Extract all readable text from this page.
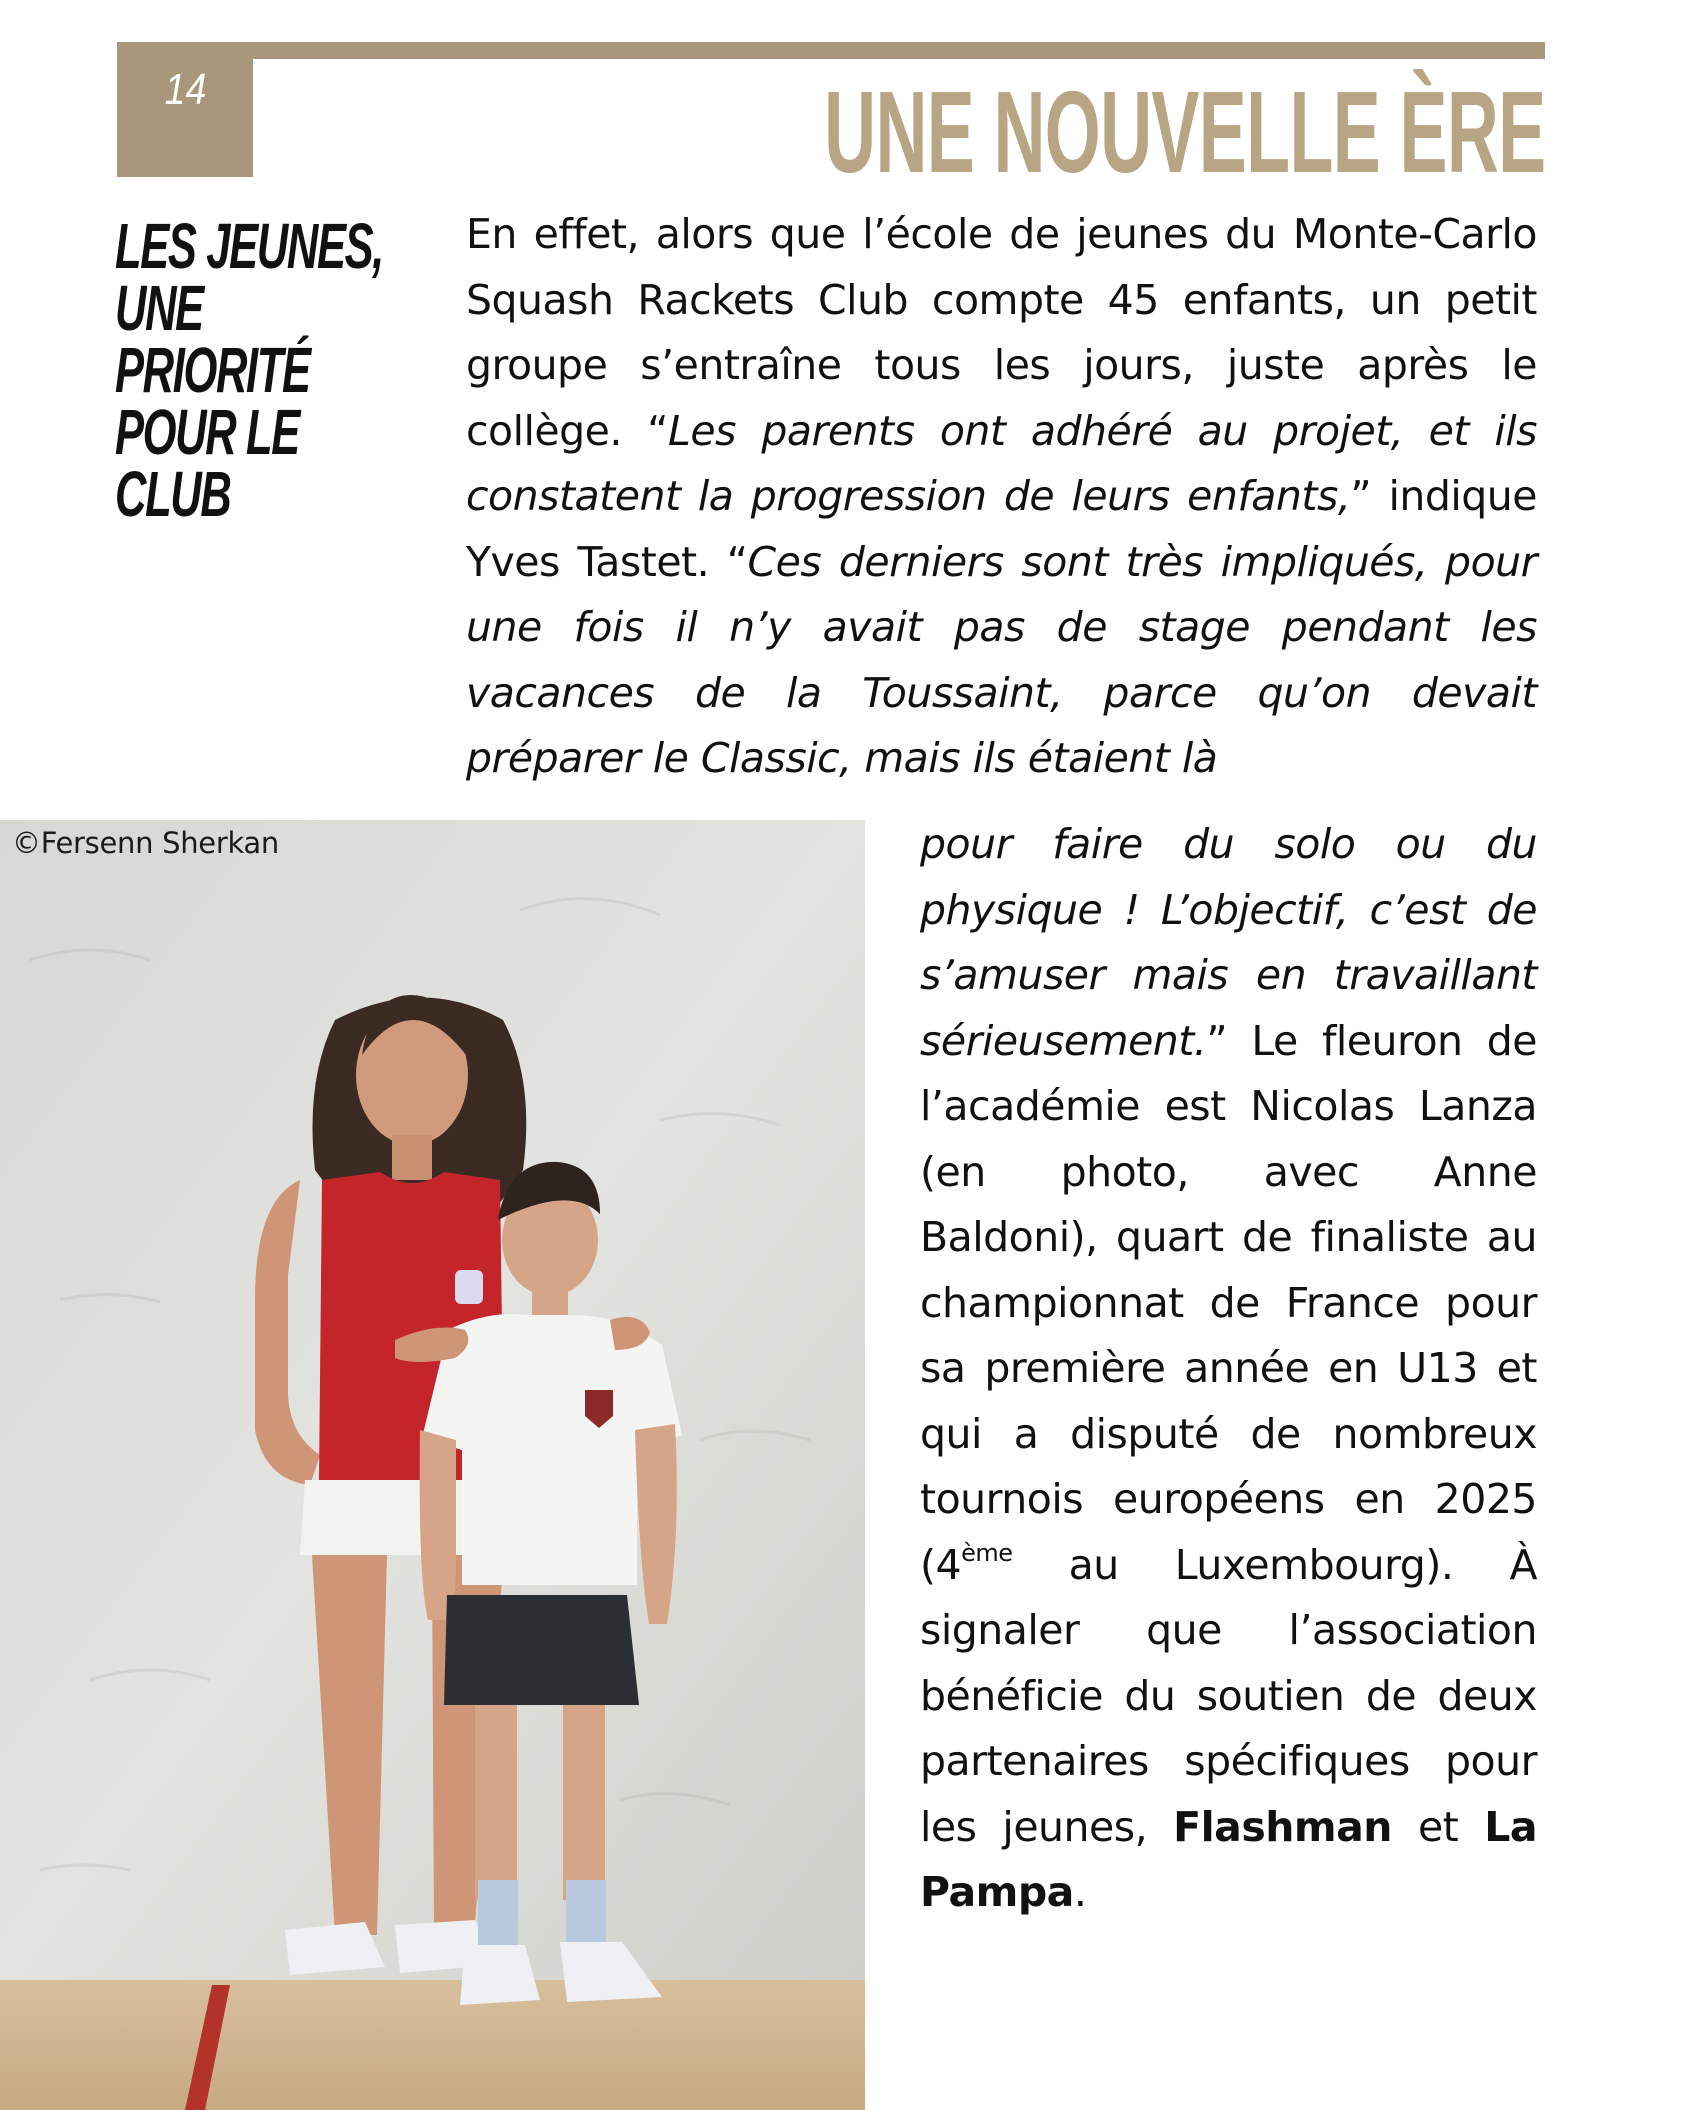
14	UNE NOUVELLE ÈRE
LES JEUNES, UNE PRIORITÉ POUR LE CLUB

En effet, alors que l’école de jeunes du Monte-Carlo Squash Rackets Club compte 45 enfants, un petit groupe s’entraîne tous les jours, juste après le collège. “Les parents ont adhéré au projet, et ils constatent la progression de leurs enfants,” indique Yves Tastet. “Ces derniers sont très impliqués, pour une fois il n’y avait pas de stage pendant les vacances de la Toussaint, parce qu’on devait préparer le Classic, mais ils étaient là

©Fersenn Sherkan	pour faire du solo ou du physique ! L’objectif, c’est de s’amuser mais en travaillant sérieusement.” Le fleuron de l’académie est Nicolas Lanza (en photo, avec Anne Baldoni), quart de finaliste au championnat de France pour sa première année en U13 et qui a disputé de nombreux tournois européens en 2025 (4ème au Luxembourg). À signaler que l’association bénéficie du soutien de deux partenaires spécifiques pour les jeunes, Flashman et La Pampa.
